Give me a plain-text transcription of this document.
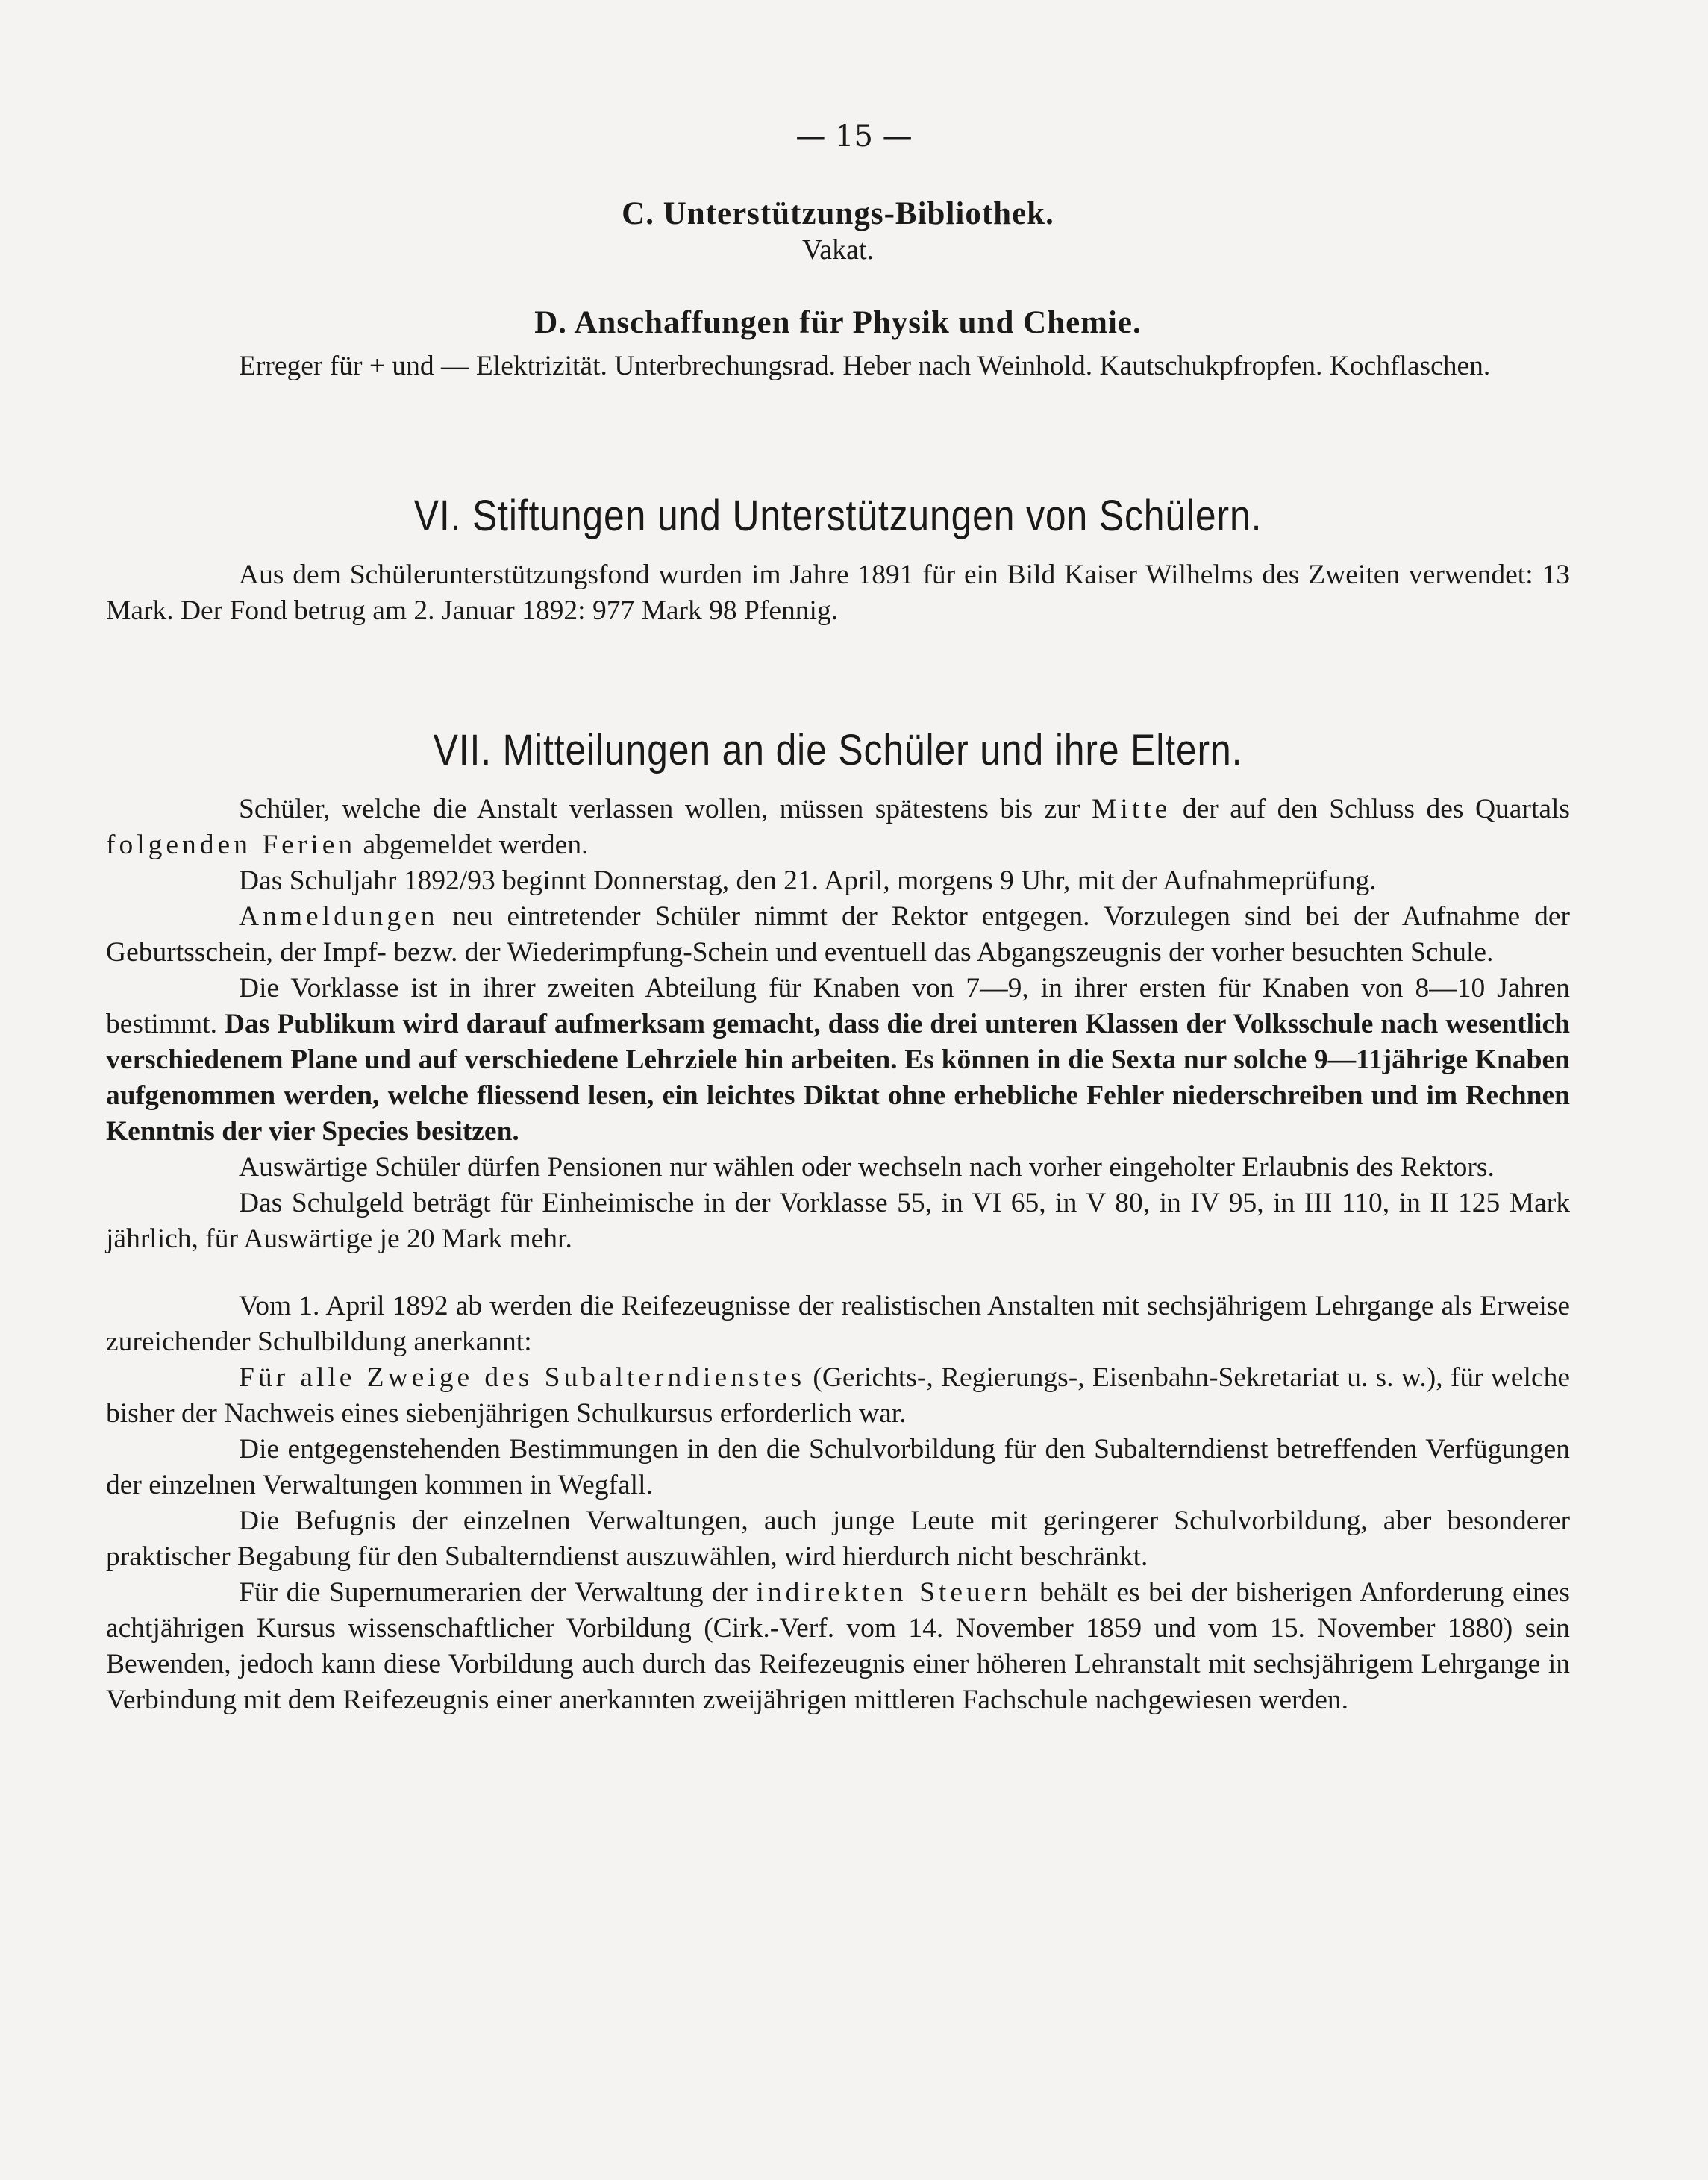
— 15 —

C. Unterstützungs-Bibliothek.

Vakat.

D. Anschaffungen für Physik und Chemie.

Erreger für + und — Elektrizität. Unterbrechungsrad. Heber nach Weinhold. Kautschukpfropfen. Kochflaschen.

VI. Stiftungen und Unterstützungen von Schülern.

Aus dem Schülerunterstützungsfond wurden im Jahre 1891 für ein Bild Kaiser Wilhelms des Zweiten verwendet: 13 Mark. Der Fond betrug am 2. Januar 1892: 977 Mark 98 Pfennig.

VII. Mitteilungen an die Schüler und ihre Eltern.

Schüler, welche die Anstalt verlassen wollen, müssen spätestens bis zur Mitte der auf den Schluss des Quartals folgenden Ferien abgemeldet werden.

Das Schuljahr 1892/93 beginnt Donnerstag, den 21. April, morgens 9 Uhr, mit der Aufnahmeprüfung.

Anmeldungen neu eintretender Schüler nimmt der Rektor entgegen. Vorzulegen sind bei der Aufnahme der Geburtsschein, der Impf- bezw. der Wiederimpfung-Schein und eventuell das Abgangszeugnis der vorher besuchten Schule.

Die Vorklasse ist in ihrer zweiten Abteilung für Knaben von 7—9, in ihrer ersten für Knaben von 8—10 Jahren bestimmt. Das Publikum wird darauf aufmerksam gemacht, dass die drei unteren Klassen der Volksschule nach wesentlich verschiedenem Plane und auf verschiedene Lehrziele hin arbeiten. Es können in die Sexta nur solche 9—11jährige Knaben aufgenommen werden, welche fliessend lesen, ein leichtes Diktat ohne erhebliche Fehler niederschreiben und im Rechnen Kenntnis der vier Species besitzen.

Auswärtige Schüler dürfen Pensionen nur wählen oder wechseln nach vorher eingeholter Erlaubnis des Rektors.

Das Schulgeld beträgt für Einheimische in der Vorklasse 55, in VI 65, in V 80, in IV 95, in III 110, in II 125 Mark jährlich, für Auswärtige je 20 Mark mehr.

Vom 1. April 1892 ab werden die Reifezeugnisse der realistischen Anstalten mit sechsjährigem Lehrgange als Erweise zureichender Schulbildung anerkannt:

Für alle Zweige des Subalterndienstes (Gerichts-, Regierungs-, Eisenbahn-Sekretariat u. s. w.), für welche bisher der Nachweis eines siebenjährigen Schulkursus erforderlich war.

Die entgegenstehenden Bestimmungen in den die Schulvorbildung für den Subalterndienst betreffenden Verfügungen der einzelnen Verwaltungen kommen in Wegfall.

Die Befugnis der einzelnen Verwaltungen, auch junge Leute mit geringerer Schulvorbildung, aber besonderer praktischer Begabung für den Subalterndienst auszuwählen, wird hierdurch nicht beschränkt.

Für die Supernumerarien der Verwaltung der indirekten Steuern behält es bei der bisherigen Anforderung eines achtjährigen Kursus wissenschaftlicher Vorbildung (Cirk.-Verf. vom 14. November 1859 und vom 15. November 1880) sein Bewenden, jedoch kann diese Vorbildung auch durch das Reifezeugnis einer höheren Lehranstalt mit sechsjährigem Lehrgange in Verbindung mit dem Reifezeugnis einer anerkannten zweijährigen mittleren Fachschule nachgewiesen werden.
